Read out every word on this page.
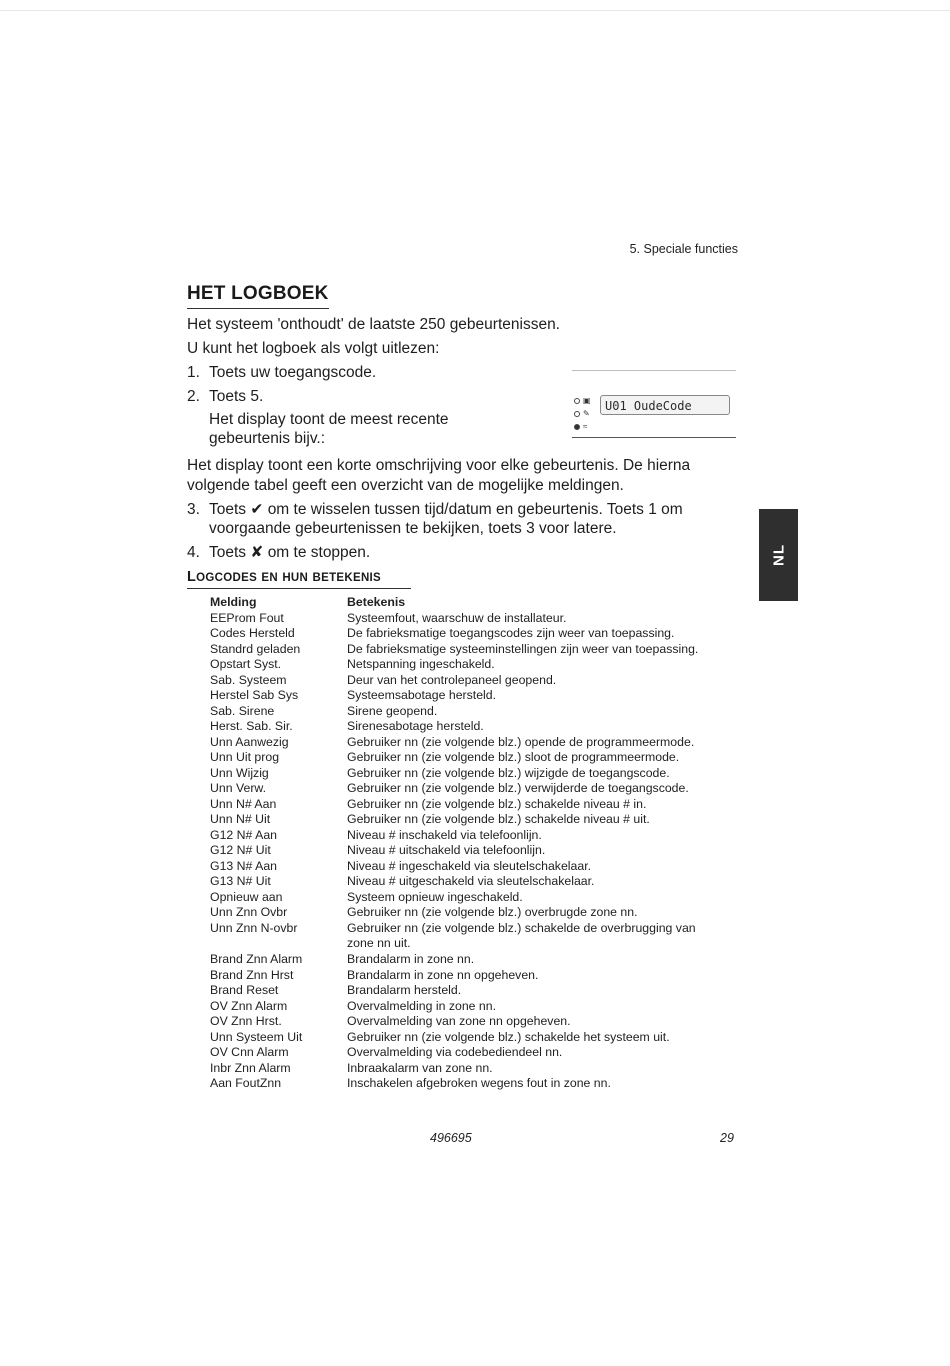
5. Speciale functies
HET LOGBOEK

Het systeem 'onthoudt' de laatste 250 gebeurtenissen.

U kunt het logboek als volgt uitlezen:

1. Toets uw toegangscode.
2. Toets 5.

Het display toont de meest recente

gebeurtenis bijv.:

▣
✎
≈
U01 OudeCode

Het display toont een korte omschrijving voor elke gebeurtenis. De hierna

volgende tabel geeft een overzicht van de mogelijke meldingen.

3. Toets ✔ om te wisselen tussen tijd/datum en gebeurtenis. Toets 1 om

voorgaande gebeurtenissen te bekijken, toets 3 voor latere.

4. Toets ✘ om te stoppen.	NL
LOGCODES EN HUN BETEKENIS
Melding	Betekenis
EEProm Fout	Systeemfout, waarschuw de installateur.
Codes Hersteld	De fabrieksmatige toegangscodes zijn weer van toepassing.
Standrd geladen	De fabrieksmatige systeeminstellingen zijn weer van toepassing.
Opstart Syst.	Netspanning ingeschakeld.
Sab. Systeem	Deur van het controlepaneel geopend.
Herstel Sab Sys	Systeemsabotage hersteld.
Sab. Sirene	Sirene geopend.
Herst. Sab. Sir.	Sirenesabotage hersteld.
Unn Aanwezig	Gebruiker nn (zie volgende blz.) opende de programmeermode.
Unn Uit prog	Gebruiker nn (zie volgende blz.) sloot de programmeermode.
Unn Wijzig	Gebruiker nn (zie volgende blz.) wijzigde de toegangscode.
Unn Verw.	Gebruiker nn (zie volgende blz.) verwijderde de toegangscode.
Unn N# Aan	Gebruiker nn (zie volgende blz.) schakelde niveau # in.
Unn N# Uit	Gebruiker nn (zie volgende blz.) schakelde niveau # uit.
G12 N# Aan	Niveau # inschakeld via telefoonlijn.
G12 N# Uit	Niveau # uitschakeld via telefoonlijn.
G13 N# Aan	Niveau # ingeschakeld via sleutelschakelaar.
G13 N# Uit	Niveau # uitgeschakeld via sleutelschakelaar.
Opnieuw aan	Systeem opnieuw ingeschakeld.
Unn Znn Ovbr	Gebruiker nn (zie volgende blz.) overbrugde zone nn.
Unn Znn N-ovbr	Gebruiker nn (zie volgende blz.) schakelde de overbrugging van zone nn uit.
Brand Znn Alarm	Brandalarm in zone nn.
Brand Znn Hrst	Brandalarm in zone nn opgeheven.
Brand Reset	Brandalarm hersteld.
OV Znn Alarm	Overvalmelding in zone nn.
OV Znn Hrst.	Overvalmelding van zone nn opgeheven.
Unn Systeem Uit	Gebruiker nn (zie volgende blz.) schakelde het systeem uit.
OV Cnn Alarm	Overvalmelding via codebediendeel nn.
Inbr Znn Alarm	Inbraakalarm van zone nn.
Aan FoutZnn	Inschakelen afgebroken wegens fout in zone nn.
496695	29
